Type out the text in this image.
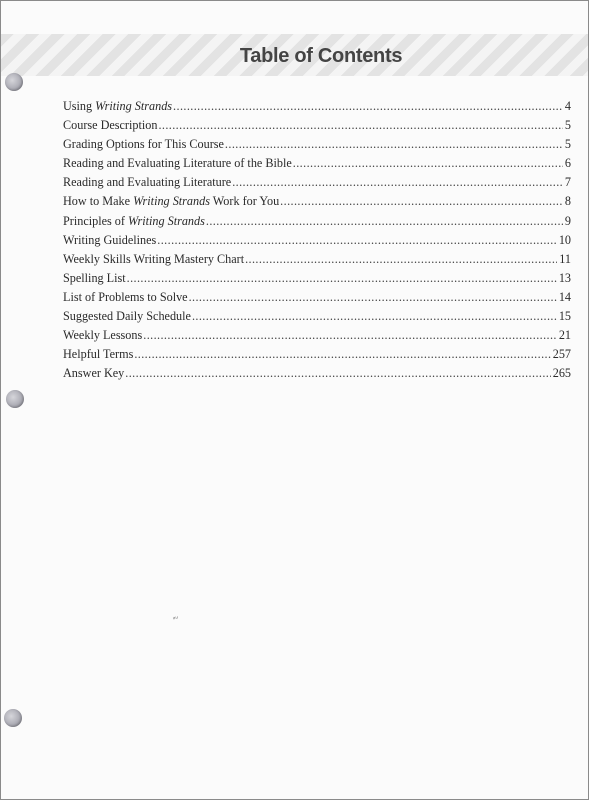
Table of Contents
Using Writing Strands .....	4
Course Description .....	5
Grading Options for This Course .....	5
Reading and Evaluating Literature of the Bible .....	6
Reading and Evaluating Literature .....	7
How to Make Writing Strands Work for You .....	8
Principles of Writing Strands .....	9
Writing Guidelines .....	10
Weekly Skills Writing Mastery Chart .....	11
Spelling List .....	13
List of Problems to Solve .....	14
Suggested Daily Schedule .....	15
Weekly Lessons .....	21
Helpful Terms .....	257
Answer Key .....	265
ᵃᵘ
